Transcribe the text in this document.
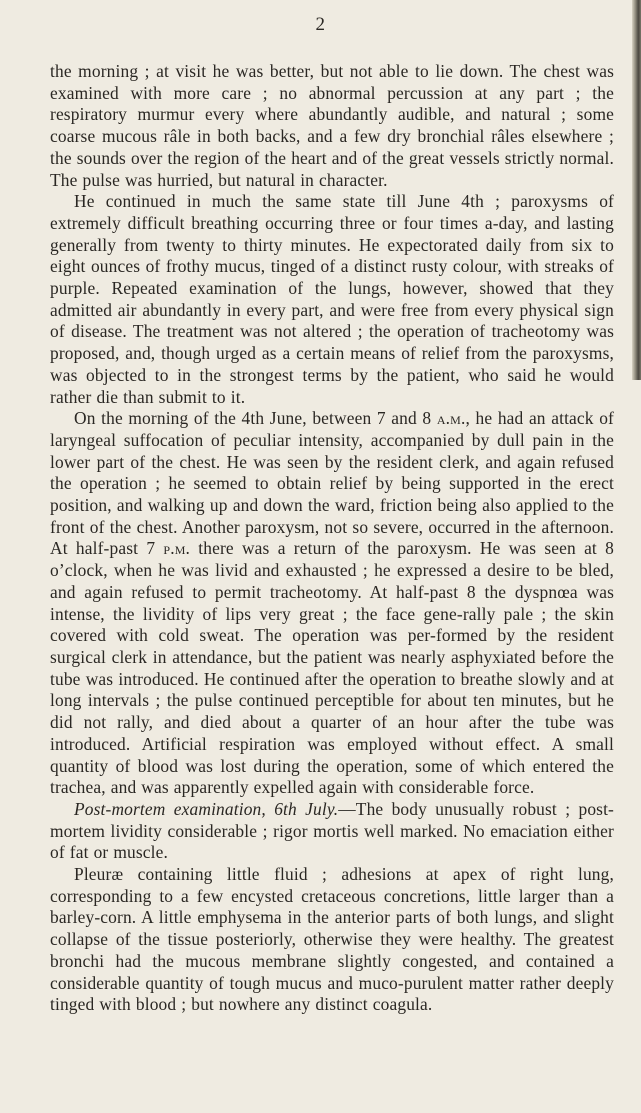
2

the morning ; at visit he was better, but not able to lie down. The chest was examined with more care ; no abnormal percussion at any part ; the respiratory murmur every where abundantly audible, and natural ; some coarse mucous râle in both backs, and a few dry bronchial râles elsewhere ; the sounds over the region of the heart and of the great vessels strictly normal. The pulse was hurried, but natural in character.

He continued in much the same state till June 4th ; paroxysms of extremely difficult breathing occurring three or four times a-day, and lasting generally from twenty to thirty minutes. He expectorated daily from six to eight ounces of frothy mucus, tinged of a distinct rusty colour, with streaks of purple. Repeated examination of the lungs, however, showed that they admitted air abundantly in every part, and were free from every physical sign of disease. The treatment was not altered ; the operation of tracheotomy was proposed, and, though urged as a certain means of relief from the paroxysms, was objected to in the strongest terms by the patient, who said he would rather die than submit to it.

On the morning of the 4th June, between 7 and 8 a.m., he had an attack of laryngeal suffocation of peculiar intensity, accompanied by dull pain in the lower part of the chest. He was seen by the resident clerk, and again refused the operation ; he seemed to obtain relief by being supported in the erect position, and walking up and down the ward, friction being also applied to the front of the chest. Another paroxysm, not so severe, occurred in the afternoon. At half-past 7 p.m. there was a return of the paroxysm. He was seen at 8 o’clock, when he was livid and exhausted ; he expressed a desire to be bled, and again refused to permit tracheotomy. At half-past 8 the dyspnœa was intense, the lividity of lips very great ; the face gene-rally pale ; the skin covered with cold sweat. The operation was per-formed by the resident surgical clerk in attendance, but the patient was nearly asphyxiated before the tube was introduced. He continued after the operation to breathe slowly and at long intervals ; the pulse continued perceptible for about ten minutes, but he did not rally, and died about a quarter of an hour after the tube was introduced. Artificial respiration was employed without effect. A small quantity of blood was lost during the operation, some of which entered the trachea, and was apparently expelled again with considerable force.

Post-mortem examination, 6th July.—The body unusually robust ; post-mortem lividity considerable ; rigor mortis well marked. No emaciation either of fat or muscle.

Pleuræ containing little fluid ; adhesions at apex of right lung, corresponding to a few encysted cretaceous concretions, little larger than a barley-corn. A little emphysema in the anterior parts of both lungs, and slight collapse of the tissue posteriorly, otherwise they were healthy. The greatest bronchi had the mucous membrane slightly congested, and contained a considerable quantity of tough mucus and muco-purulent matter rather deeply tinged with blood ; but nowhere any distinct coagula.
